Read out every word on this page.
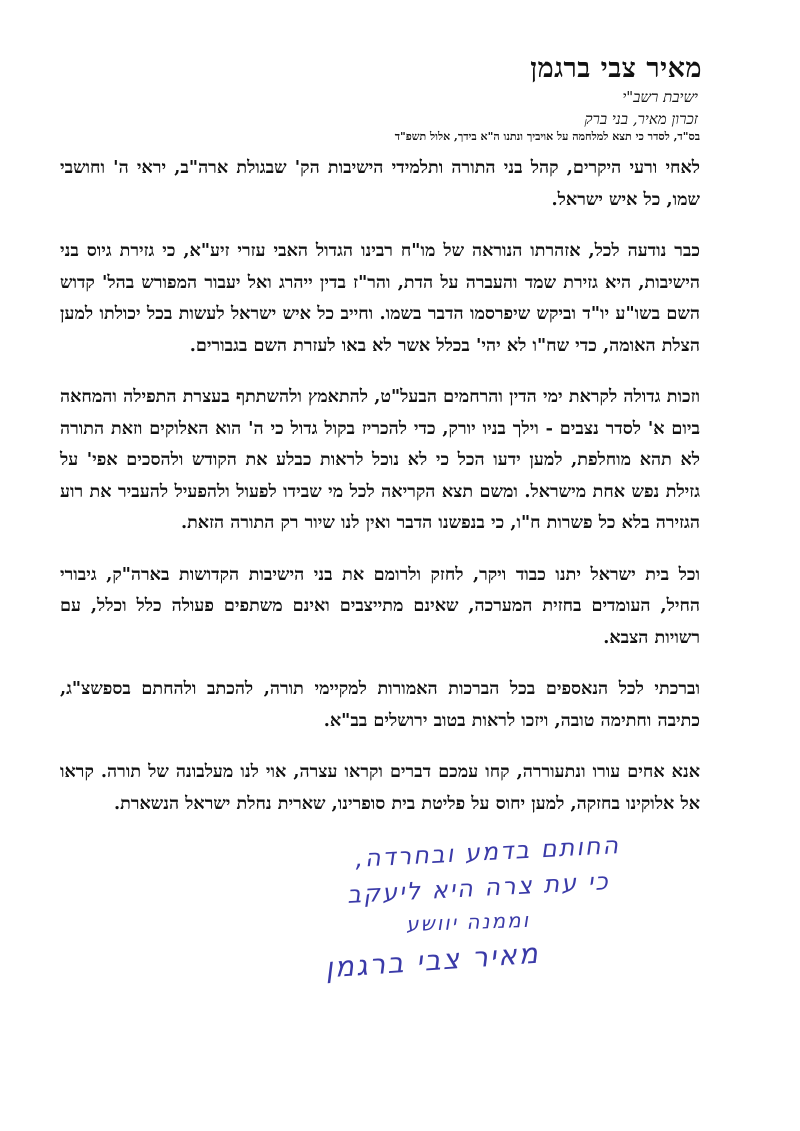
מאיר צבי ברגמן
ישיבת רשב"י
זכרון מאיר, בני ברק
בס"ד, לסדר כי תצא למלחמה על אויביך ונתנו ה"א בידך, אלול תשפ"ד

לאחי ורעי היקרים, קהל בני התורה ותלמידי הישיבות הק' שבגולת ארה"ב, יראי ה' וחושבי שמו, כל איש ישראל.

כבר נודעה לכל, אזהרתו הנוראה של מו"ח רבינו הגדול האבי עזרי זיע"א, כי גזירת גיוס בני הישיבות, היא גזירת שמד והעברה על הדת, והר"ז בדין ייהרג ואל יעבור המפורש בהל' קדוש השם בשו"ע יו"ד וביקש שיפרסמו הדבר בשמו. וחייב כל איש ישראל לעשות בכל יכולתו למען הצלת האומה, כדי שח"ו לא יהי' בכלל אשר לא באו לעזרת השם בגבורים.

וזכות גדולה לקראת ימי הדין והרחמים הבעל"ט, להתאמץ ולהשתתף בעצרת התפילה והמחאה ביום א' לסדר נצבים - וילך בניו יורק, כדי להכריז בקול גדול כי ה' הוא האלוקים וזאת התורה לא תהא מוחלפת, למען ידעו הכל כי לא נוכל לראות כבלע את הקודש ולהסכים אפי' על גזילת נפש אחת מישראל. ומשם תצא הקריאה לכל מי שבידו לפעול ולהפעיל להעביר את רוע הגזירה בלא כל פשרות ח"ו, כי בנפשנו הדבר ואין לנו שיור רק התורה הזאת.

וכל בית ישראל יתנו כבוד ויקר, לחזק ולרומם את בני הישיבות הקדושות בארה"ק, גיבורי החיל, העומדים בחזית המערכה, שאינם מתייצבים ואינם משתפים פעולה כלל וכלל, עם רשויות הצבא.

וברכתי לכל הנאספים בכל הברכות האמורות למקיימי תורה, להכתב ולהחתם בספשצ"ג, כתיבה וחתימה טובה, ויזכו לראות בטוב ירושלים בב"א.

אנא אחים עורו ונתעוררה, קחו עמכם דברים וקראו עצרה, אוי לנו מעלבונה של תורה. קראו אל אלוקינו בחזקה, למען יחוס על פליטת בית סופרינו, שארית נחלת ישראל הנשארת.

החותם בדמע ובחרדה,
כי עת צרה היא ליעקב
וממנה יוושע
מאיר צבי ברגמן
